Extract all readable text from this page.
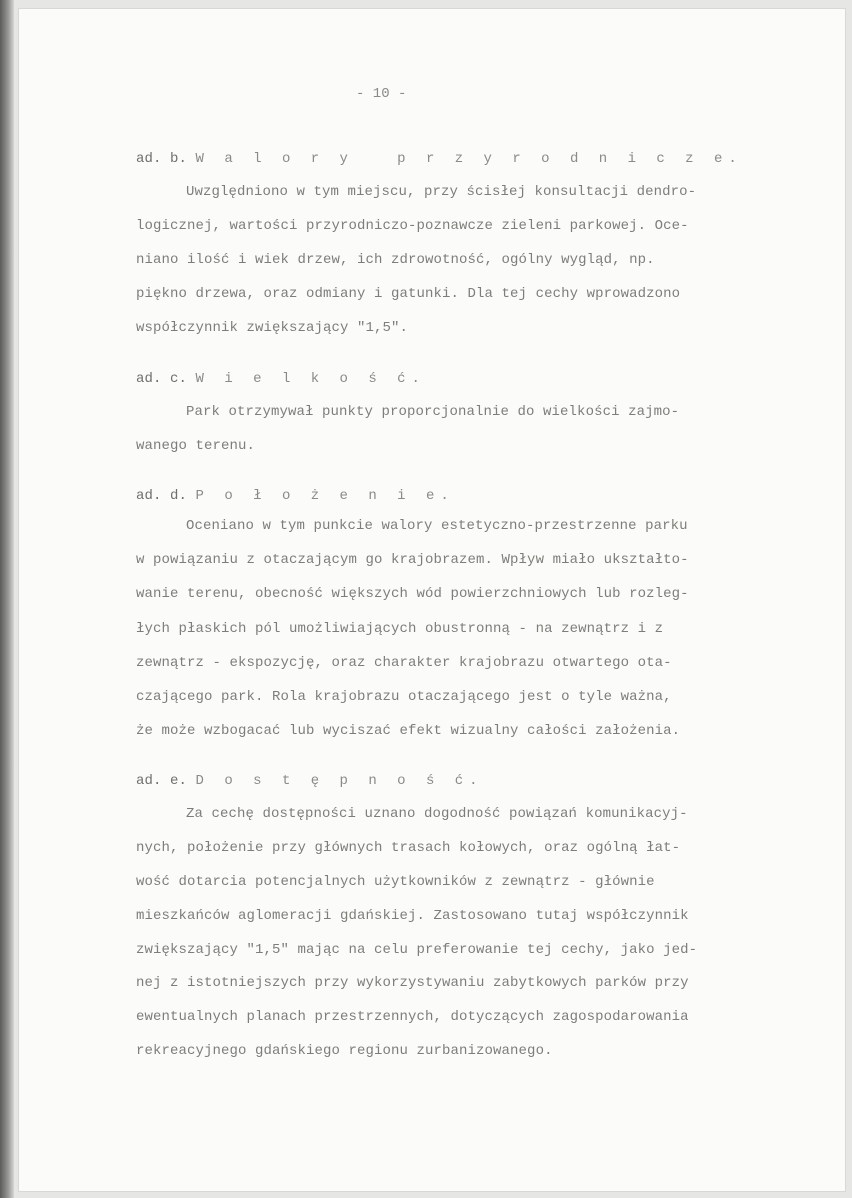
- 10 -
ad. b. W a l o r y   p r z y r o d n i c z e.
Uwzględniono w tym miejscu, przy ścisłej konsultacji dendro-
logicznej, wartości przyrodniczo-poznawcze zieleni parkowej. Oce-
niano ilość i wiek drzew, ich zdrowotność, ogólny wygląd, np.
piękno drzewa, oraz odmiany i gatunki. Dla tej cechy wprowadzono
współczynnik zwiększający "1,5".
ad. c. W i e l k o ś ć.
Park otrzymywał punkty proporcjonalnie do wielkości zajmo-
wanego terenu.
ad. d. P o ł o ż e n i e.
Oceniano w tym punkcie walory estetyczno-przestrzenne parku
w powiązaniu z otaczającym go krajobrazem. Wpływ miało ukształto-
wanie terenu, obecność większych wód powierzchniowych lub rozleg-
łych płaskich pól umożliwiających obustronną - na zewnątrz i z
zewnątrz - ekspozycję, oraz charakter krajobrazu otwartego ota-
czającego park. Rola krajobrazu otaczającego jest o tyle ważna,
że może wzbogacać lub wyciszać efekt wizualny całości założenia.
ad. e. D o s t ę p n o ś ć.
Za cechę dostępności uznano dogodność powiązań komunikacyj-
nych, położenie przy głównych trasach kołowych, oraz ogólną łat-
wość dotarcia potencjalnych użytkowników z zewnątrz - głównie
mieszkańców aglomeracji gdańskiej. Zastosowano tutaj współczynnik
zwiększający "1,5" mając na celu preferowanie tej cechy, jako jed-
nej z istotniejszych przy wykorzystywaniu zabytkowych parków przy
ewentualnych planach przestrzennych, dotyczących zagospodarowania
rekreacyjnego gdańskiego regionu zurbanizowanego.
